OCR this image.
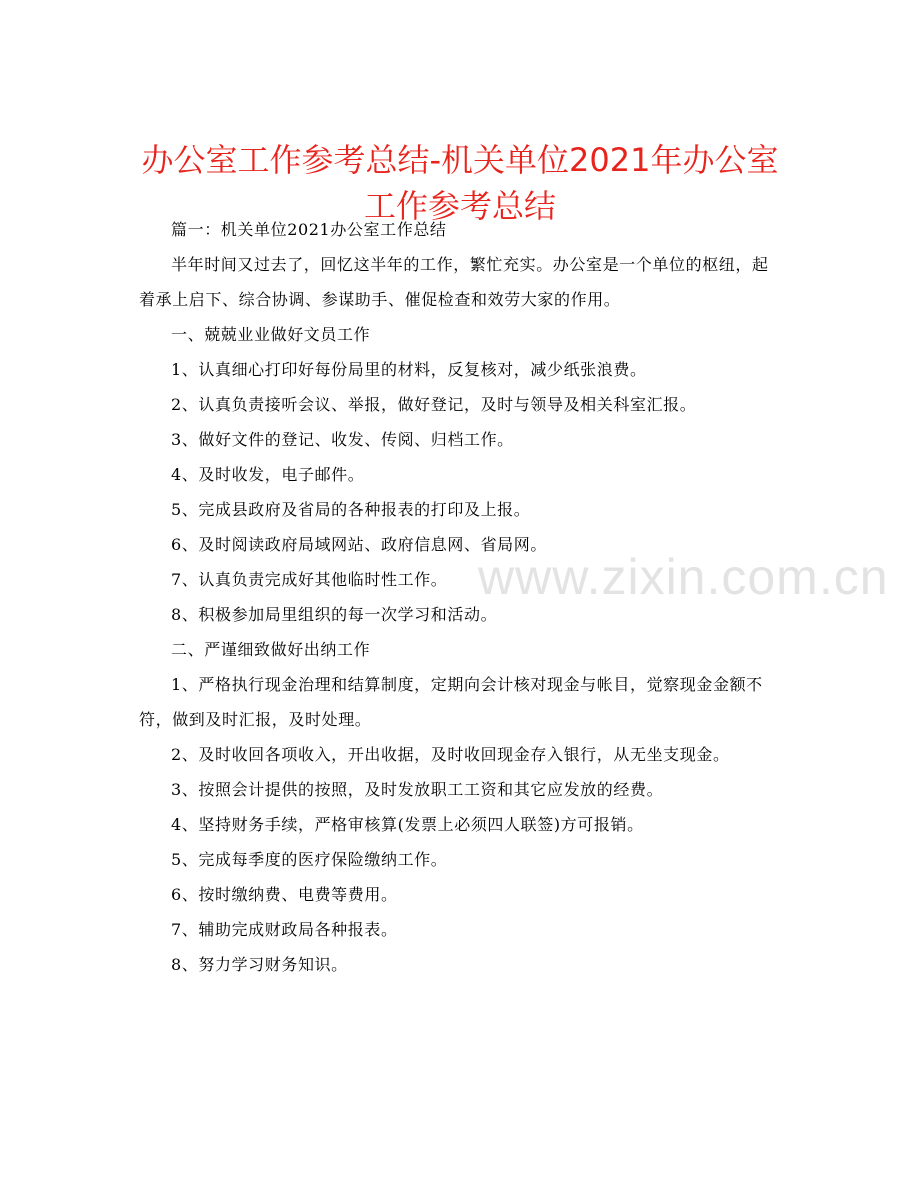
办公室工作参考总结-机关单位2021年办公室工作参考总结
www.zixin.com.cn

篇一：机关单位2021办公室工作总结

半年时间又过去了，回忆这半年的工作，繁忙充实。办公室是一个单位的枢纽，起着承上启下、综合协调、参谋助手、催促检查和效劳大家的作用。

一、兢兢业业做好文员工作

1、认真细心打印好每份局里的材料，反复核对，减少纸张浪费。

2、认真负责接听会议、举报，做好登记，及时与领导及相关科室汇报。

3、做好文件的登记、收发、传阅、归档工作。

4、及时收发，电子邮件。

5、完成县政府及省局的各种报表的打印及上报。

6、及时阅读政府局域网站、政府信息网、省局网。

7、认真负责完成好其他临时性工作。

8、积极参加局里组织的每一次学习和活动。

二、严谨细致做好出纳工作

1、严格执行现金治理和结算制度，定期向会计核对现金与帐目，觉察现金金额不符，做到及时汇报，及时处理。

2、及时收回各项收入，开出收据，及时收回现金存入银行，从无坐支现金。

3、按照会计提供的按照，及时发放职工工资和其它应发放的经费。

4、坚持财务手续，严格审核算(发票上必须四人联签)方可报销。

5、完成每季度的医疗保险缴纳工作。

6、按时缴纳费、电费等费用。

7、辅助完成财政局各种报表。

8、努力学习财务知识。
